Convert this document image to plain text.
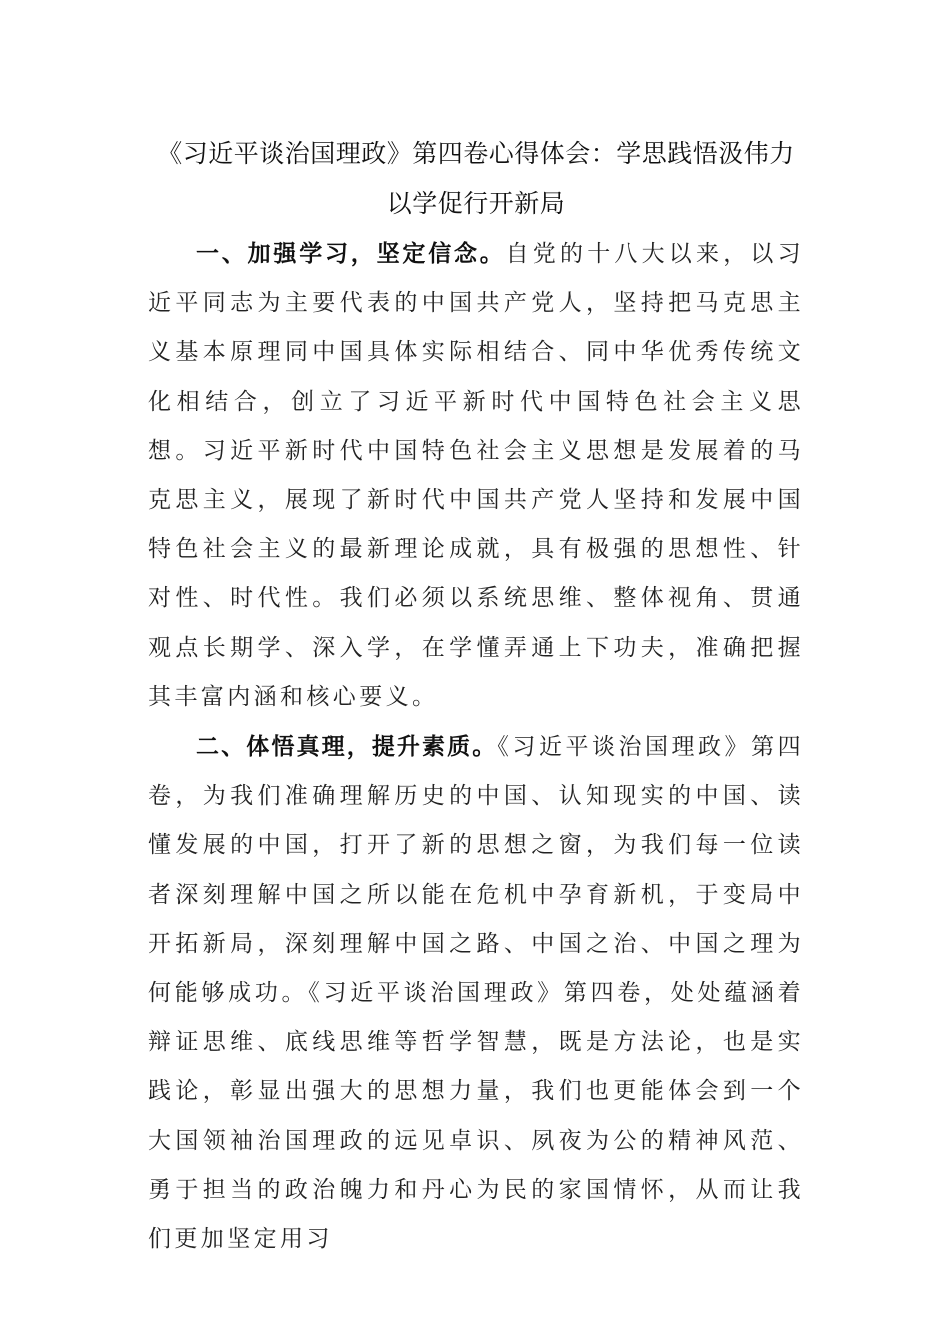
《习近平谈治国理政》第四卷心得体会：学思践悟汲伟力
以学促行开新局

一、加强学习，坚定信念。自党的十八大以来，以习近平同志为主要代表的中国共产党人，坚持把马克思主义基本原理同中国具体实际相结合、同中华优秀传统文化相结合，创立了习近平新时代中国特色社会主义思想。习近平新时代中国特色社会主义思想是发展着的马克思主义，展现了新时代中国共产党人坚持和发展中国特色社会主义的最新理论成就，具有极强的思想性、针对性、时代性。我们必须以系统思维、整体视角、贯通观点长期学、深入学，在学懂弄通上下功夫，准确把握其丰富内涵和核心要义。

二、体悟真理，提升素质。《习近平谈治国理政》第四卷，为我们准确理解历史的中国、认知现实的中国、读懂发展的中国，打开了新的思想之窗，为我们每一位读者深刻理解中国之所以能在危机中孕育新机，于变局中开拓新局，深刻理解中国之路、中国之治、中国之理为何能够成功。《习近平谈治国理政》第四卷，处处蕴涵着辩证思维、底线思维等哲学智慧，既是方法论，也是实践论，彰显出强大的思想力量，我们也更能体会到一个大国领袖治国理政的远见卓识、夙夜为公的精神风范、勇于担当的政治魄力和丹心为民的家国情怀，从而让我们更加坚定用习
